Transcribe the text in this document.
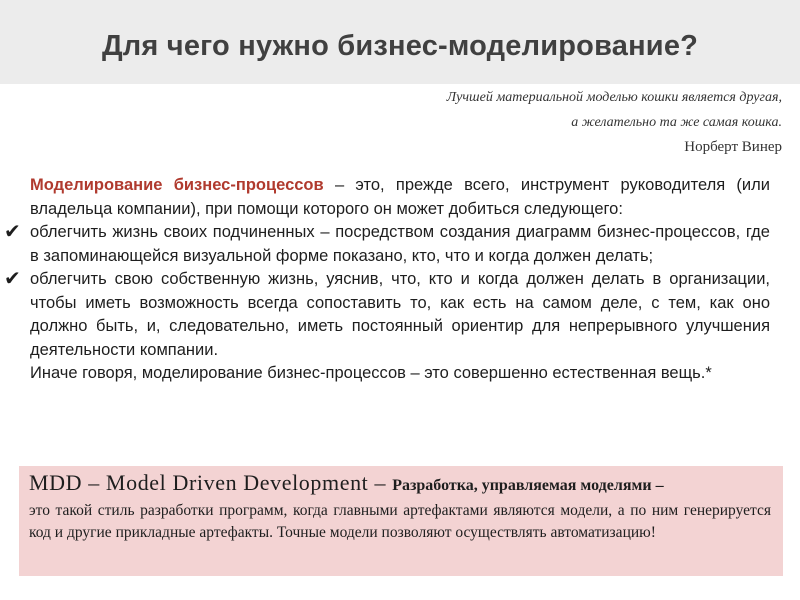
Для чего нужно бизнес-моделирование?
Лучшей материальной моделью кошки является другая,
а желательно та же самая кошка.
Норберт Винер

Моделирование бизнес-процессов – это, прежде всего, инструмент руководителя (или владельца компании), при помощи которого он может добиться следующего:

✔ облегчить жизнь своих подчиненных – посредством создания диаграмм бизнес-процессов, где в запоминающейся визуальной форме показано, кто, что и когда должен делать;

✔ облегчить свою собственную жизнь, уяснив, что, кто и когда должен делать в организации, чтобы иметь возможность всегда сопоставить то, как есть на самом деле, с тем, как оно должно быть, и, следовательно, иметь постоянный ориентир для непрерывного улучшения деятельности компании.

Иначе говоря, моделирование бизнес-процессов – это совершенно естественная вещь.*

MDD – Model Driven Development – Разработка, управляемая моделями –
это такой стиль разработки программ, когда главными артефактами являются модели, а по ним генерируется код и другие прикладные артефакты. Точные модели позволяют осуществлять автоматизацию!
